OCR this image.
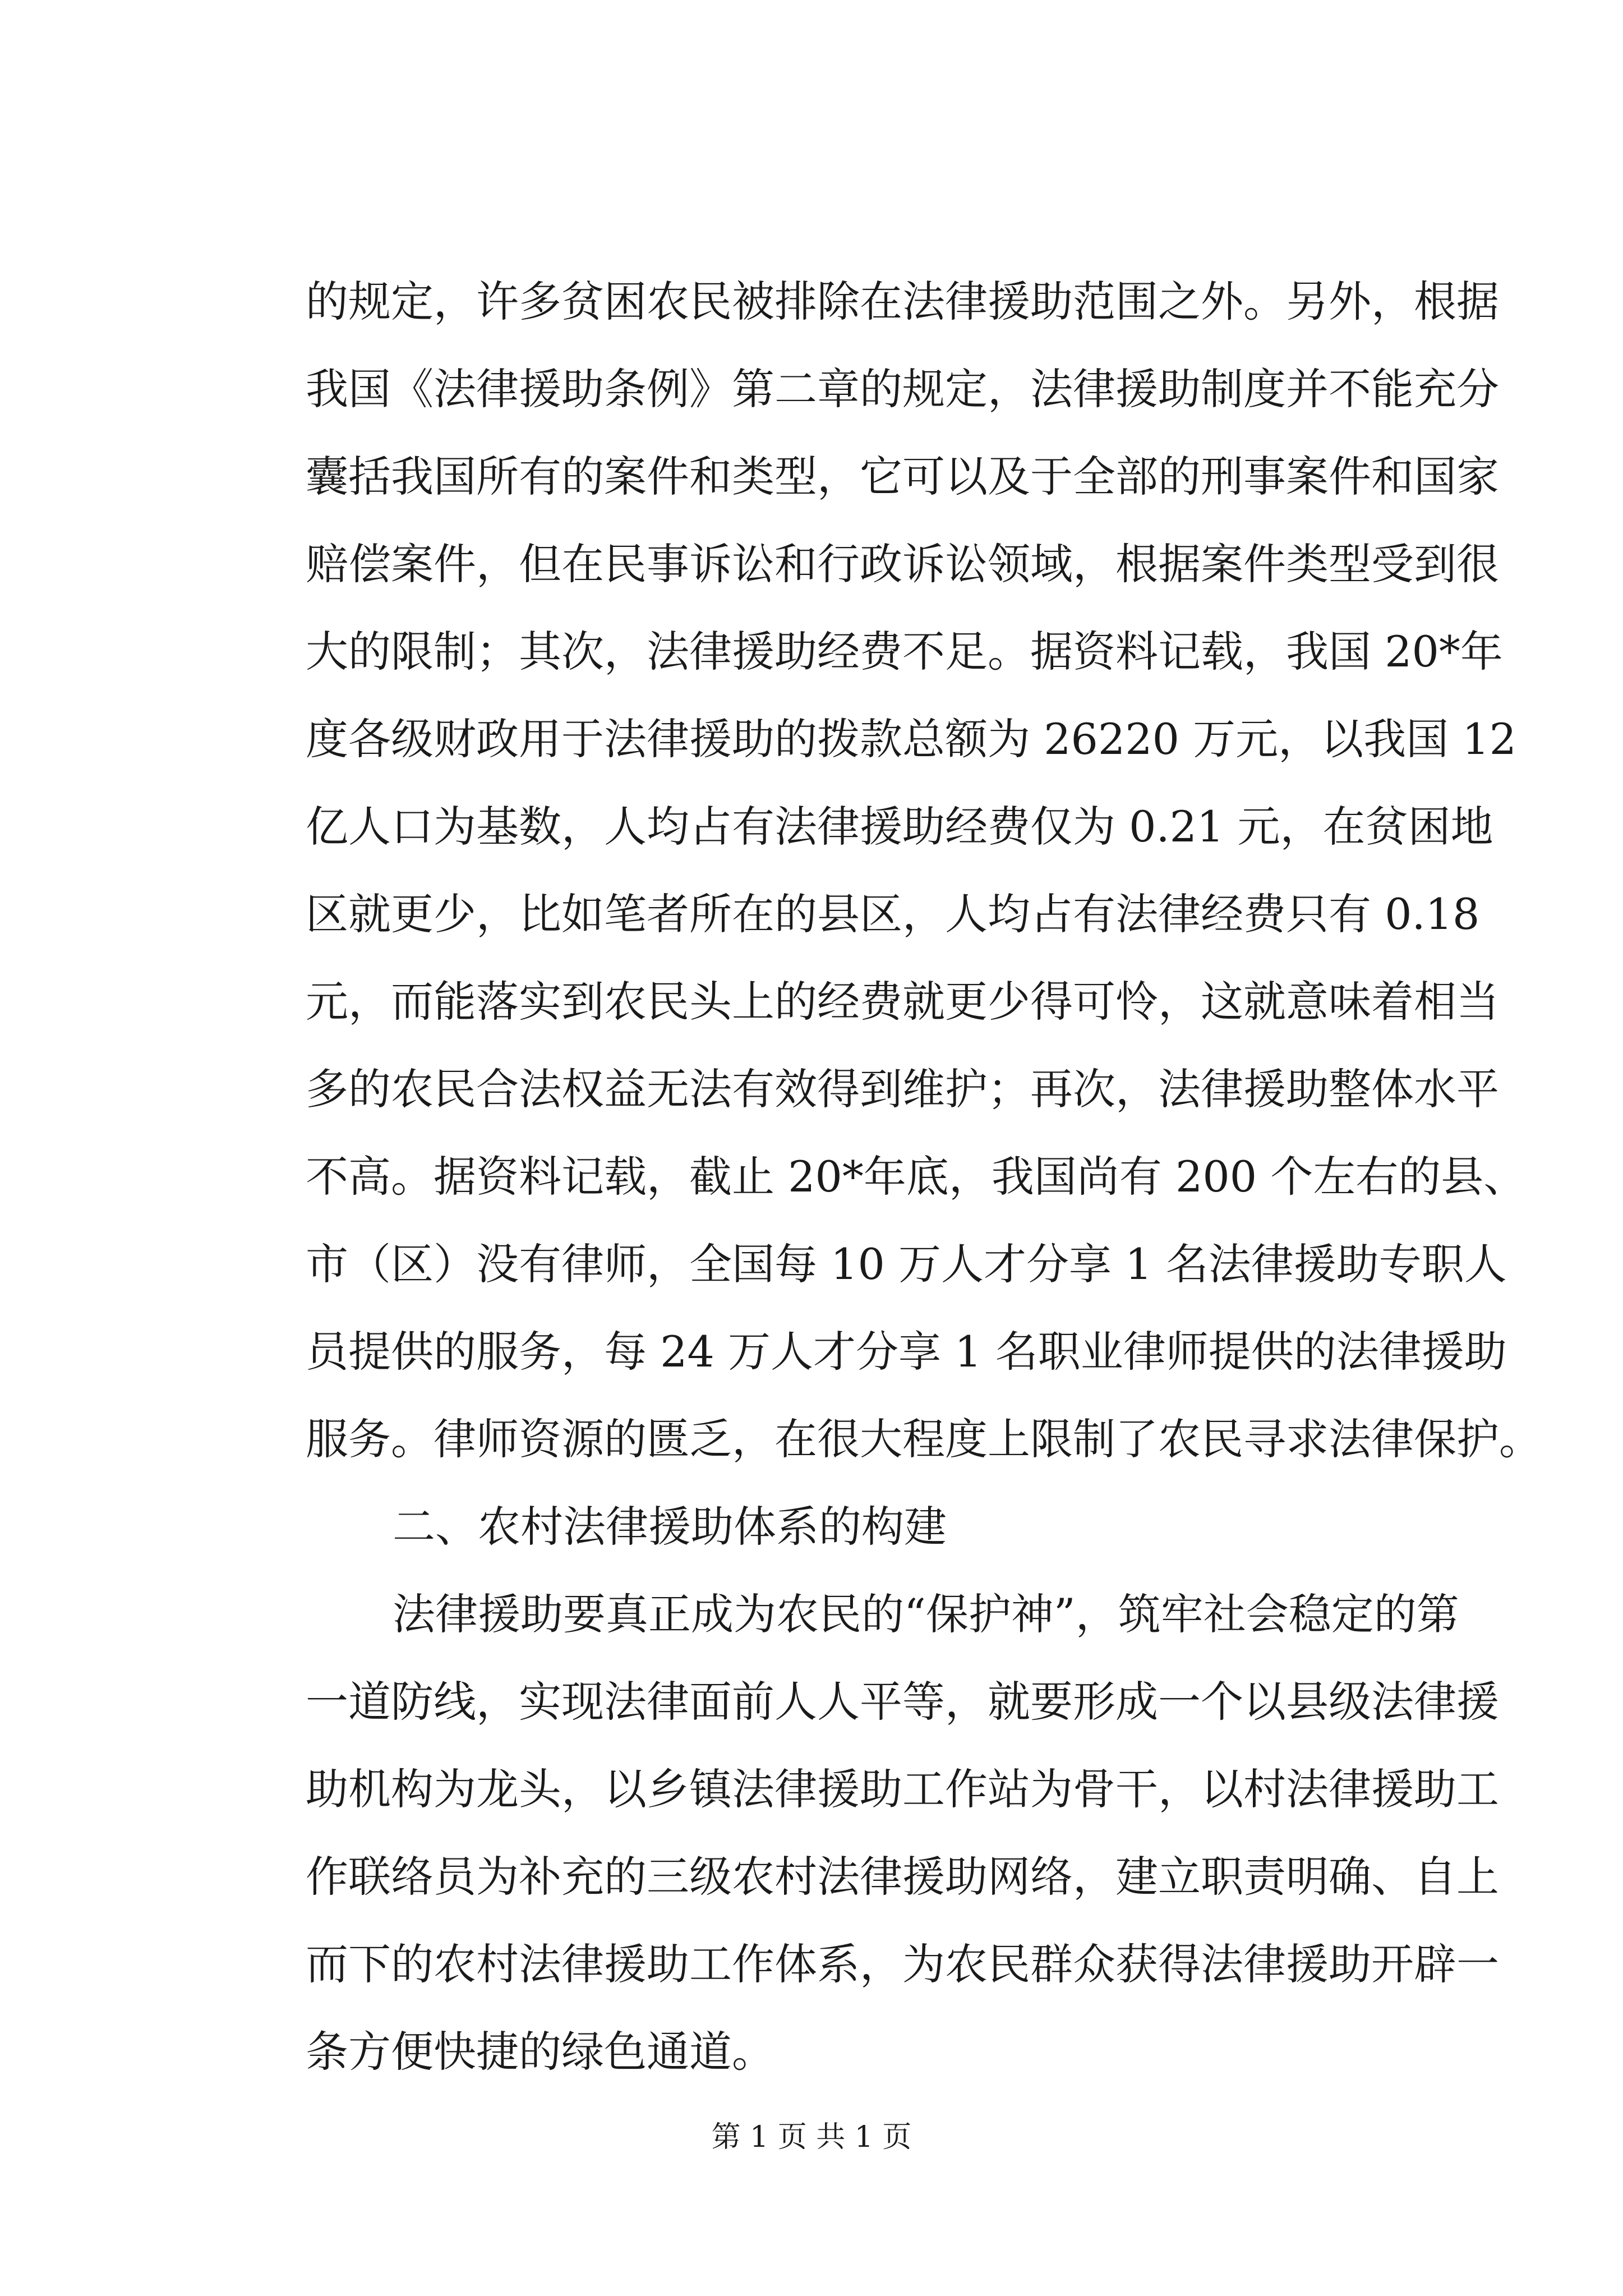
的规定，许多贫困农民被排除在法律援助范围之外。另外，根据
我国《法律援助条例》第二章的规定，法律援助制度并不能充分
囊括我国所有的案件和类型，它可以及于全部的刑事案件和国家
赔偿案件，但在民事诉讼和行政诉讼领域，根据案件类型受到很
大的限制；其次，法律援助经费不足。据资料记载，我国 20*年
度各级财政用于法律援助的拨款总额为 26220 万元，以我国 12
亿人口为基数，人均占有法律援助经费仅为 0.21 元，在贫困地
区就更少，比如笔者所在的县区，人均占有法律经费只有 0.18
元，而能落实到农民头上的经费就更少得可怜，这就意味着相当
多的农民合法权益无法有效得到维护；再次，法律援助整体水平
不高。据资料记载，截止 20*年底，我国尚有 200 个左右的县、
市（区）没有律师，全国每 10 万人才分享 1 名法律援助专职人
员提供的服务，每 24 万人才分享 1 名职业律师提供的法律援助
服务。律师资源的匮乏，在很大程度上限制了农民寻求法律保护。
二、农村法律援助体系的构建
法律援助要真正成为农民的“保护神”，筑牢社会稳定的第
一道防线，实现法律面前人人平等，就要形成一个以县级法律援
助机构为龙头，以乡镇法律援助工作站为骨干，以村法律援助工
作联络员为补充的三级农村法律援助网络，建立职责明确、自上
而下的农村法律援助工作体系，为农民群众获得法律援助开辟一
条方便快捷的绿色通道。
第 1 页 共 1 页
